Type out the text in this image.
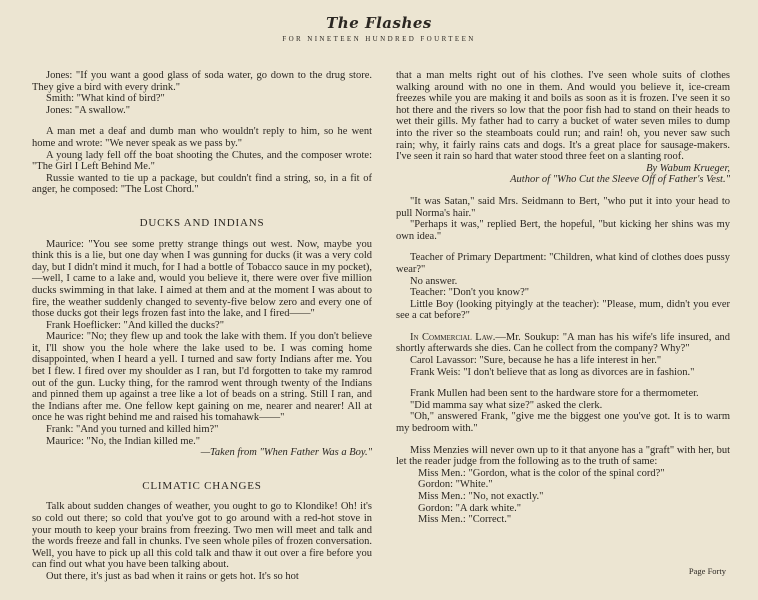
The Flashes
FOR NINETEEN HUNDRED FOURTEEN

Jones: "If you want a good glass of soda water, go down to the drug store. They give a bird with every drink."

Smith: "What kind of bird?"

Jones: "A swallow."

A man met a deaf and dumb man who wouldn't reply to him, so he went home and wrote: "We never speak as we pass by."

A young lady fell off the boat shooting the Chutes, and the composer wrote: "The Girl I Left Behind Me."

Russie wanted to tie up a package, but couldn't find a string, so, in a fit of anger, he composed: "The Lost Chord."

DUCKS AND INDIANS

Maurice: "You see some pretty strange things out west. Now, maybe you think this is a lie, but one day when I was gunning for ducks (it was a very cold day, but I didn't mind it much, for I had a bottle of Tobacco sauce in my pocket),—well, I came to a lake and, would you believe it, there were over five million ducks swimming in that lake. I aimed at them and at the moment I was about to fire, the weather suddenly changed to seventy-five below zero and every one of those ducks got their legs frozen fast into the lake, and I fired——"

Frank Hoeflicker: "And killed the ducks?"

Maurice: "No; they flew up and took the lake with them. If you don't believe it, I'll show you the hole where the lake used to be. I was coming home disappointed, when I heard a yell. I turned and saw forty Indians after me. You bet I flew. I fired over my shoulder as I ran, but I'd forgotten to take my ramrod out of the gun. Lucky thing, for the ramrod went through twenty of the Indians and pinned them up against a tree like a lot of beads on a string. Still I ran, and the Indians after me. One fellow kept gaining on me, nearer and nearer! All at once he was right behind me and raised his tomahawk——"

Frank: "And you turned and killed him?"

Maurice: "No, the Indian killed me."

—Taken from "When Father Was a Boy."

CLIMATIC CHANGES

Talk about sudden changes of weather, you ought to go to Klondike! Oh! it's so cold out there; so cold that you've got to go around with a red-hot stove in your mouth to keep your brains from freezing. Two men will meet and talk and the words freeze and fall in chunks. I've seen whole piles of frozen conversation. Well, you have to pick up all this cold talk and thaw it out over a fire before you can find out what you have been talking about.

Out there, it's just as bad when it rains or gets hot. It's so hot

that a man melts right out of his clothes. I've seen whole suits of clothes walking around with no one in them. And would you believe it, ice-cream freezes while you are making it and boils as soon as it is frozen. I've seen it so hot there and the rivers so low that the poor fish had to stand on their heads to wet their gills. My father had to carry a bucket of water seven miles to dump into the river so the steamboats could run; and rain! oh, you never saw such rain; why, it fairly rains cats and dogs. It's a great place for sausage-makers. I've seen it rain so hard that water stood three feet on a slanting roof.

By Wabum Krueger,

Author of "Who Cut the Sleeve Off of Father's Vest."

"It was Satan," said Mrs. Seidmann to Bert, "who put it into your head to pull Norma's hair."

"Perhaps it was," replied Bert, the hopeful, "but kicking her shins was my own idea."

Teacher of Primary Department: "Children, what kind of clothes does pussy wear?"

No answer.

Teacher: "Don't you know?"

Little Boy (looking pityingly at the teacher): "Please, mum, didn't you ever see a cat before?"

In Commercial Law.—Mr. Soukup: "A man has his wife's life insured, and shortly afterwards she dies. Can he collect from the company? Why?"

Carol Lavassor: "Sure, because he has a life interest in her."

Frank Weis: "I don't believe that as long as divorces are in fashion."

Frank Mullen had been sent to the hardware store for a thermometer.

"Did mamma say what size?" asked the clerk.

"Oh," answered Frank, "give me the biggest one you've got. It is to warm my bedroom with."

Miss Menzies will never own up to it that anyone has a "graft" with her, but let the reader judge from the following as to the truth of same:

Miss Men.: "Gordon, what is the color of the spinal cord?"

Gordon: "White."

Miss Men.: "No, not exactly."

Gordon: "A dark white."

Miss Men.: "Correct."

Page Forty
